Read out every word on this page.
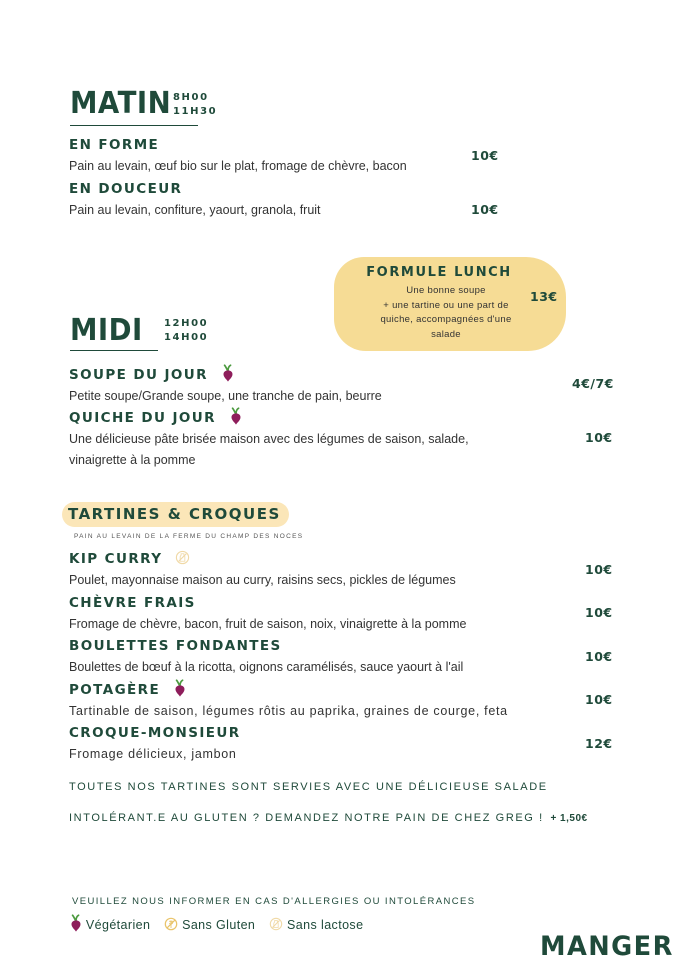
MATIN 8H00
11H30
EN FORME
Pain au levain, œuf bio sur le plat, fromage de chèvre, bacon
10€
EN DOUCEUR
Pain au levain, confiture, yaourt, granola, fruit	10€
FORMULE LUNCH
Une bonne soupe
+ une tartine ou une part de
quiche, accompagnées d'une
salade
13€
MIDI 12H00
14H00
SOUPE DU JOUR
Petite soupe/Grande soupe, une tranche de pain, beurre
4€/7€
QUICHE DU JOUR
Une délicieuse pâte brisée maison avec des légumes de saison, salade,
vinaigrette à la pomme
10€
TARTINES & CROQUES
PAIN AU LEVAIN DE LA FERME DU CHAMP DES NOCES
KIP CURRY
Poulet, mayonnaise maison au curry, raisins secs, pickles de légumes
10€
CHÈVRE FRAIS
Fromage de chèvre, bacon, fruit de saison, noix, vinaigrette à la pomme
10€
BOULETTES FONDANTES
Boulettes de bœuf à la ricotta, oignons caramélisés, sauce yaourt à l'ail
10€
POTAGÈRE
Tartinable de saison, légumes rôtis au paprika, graines de courge, feta
10€
CROQUE-MONSIEUR
Fromage délicieux, jambon
12€
TOUTES NOS TARTINES SONT SERVIES AVEC UNE DÉLICIEUSE SALADE
INTOLÉRANT.E AU GLUTEN ? DEMANDEZ NOTRE PAIN DE CHEZ GREG ! + 1,50€
VEUILLEZ NOUS INFORMER EN CAS D'ALLERGIES OU INTOLÉRANCES
Végétarien	Sans Gluten	Sans lactose
MANGER
